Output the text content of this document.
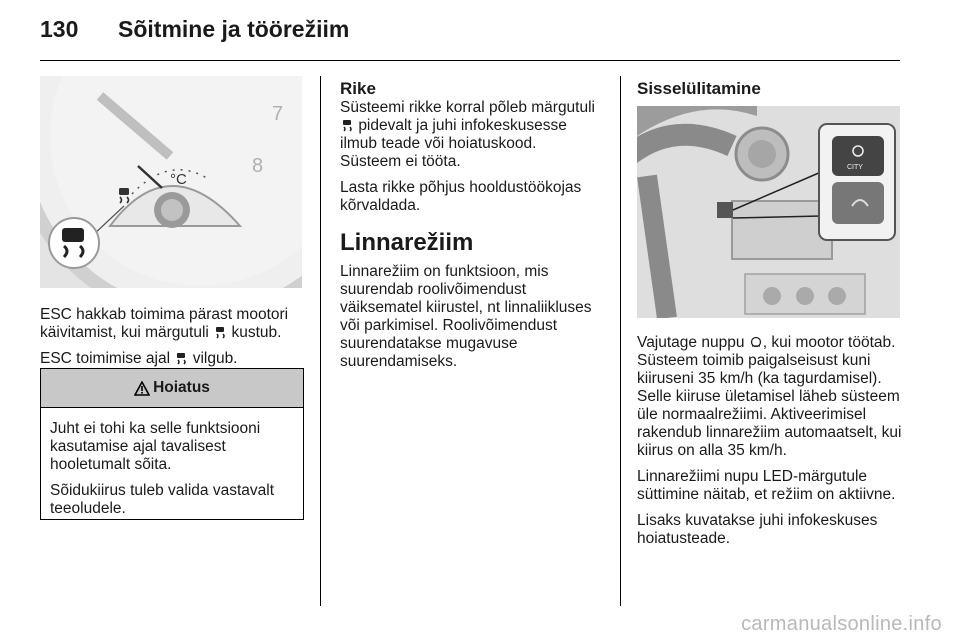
130 Sõitmine ja töörežiim
7
8
°C

ESC hakkab toimima pärast mootori
käivitamist, kui märgutuli kustub.

ESC toimimise ajal vilgub.

Hoiatus

Juht ei tohi ka selle funktsiooni kasutamise ajal tavalisest hooletumalt sõita.

Sõidukiirus tuleb valida vastavalt teeoludele.

Rike

Süsteemi rikke korral põleb märgutuli
pidevalt ja juhi infokeskusesse
ilmub teade või hoiatuskood.
Süsteem ei tööta.

Lasta rikke põhjus hooldustöökojas kõrvaldada.

Linnarežiim

Linnarežiim on funktsioon, mis suurendab roolivõimendust väiksematel kiirustel, nt linnaliikluses või parkimisel. Roolivõimendust suurendatakse mugavuse suurendamiseks.

Sisselülitamine
CITY

Vajutage nuppu , kui mootor töötab. Süsteem toimib paigalseisust kuni kiiruseni 35 km/h (ka tagurdamisel). Selle kiiruse ületamisel läheb süsteem üle normaalrežiimi. Aktiveerimisel rakendub linnarežiim automaatselt, kui kiirus on alla 35 km/h.

Linnarežiimi nupu LED-märgutule süttimine näitab, et režiim on aktiivne.

Lisaks kuvatakse juhi infokeskuses hoiatusteade.

carmanualsonline.info
